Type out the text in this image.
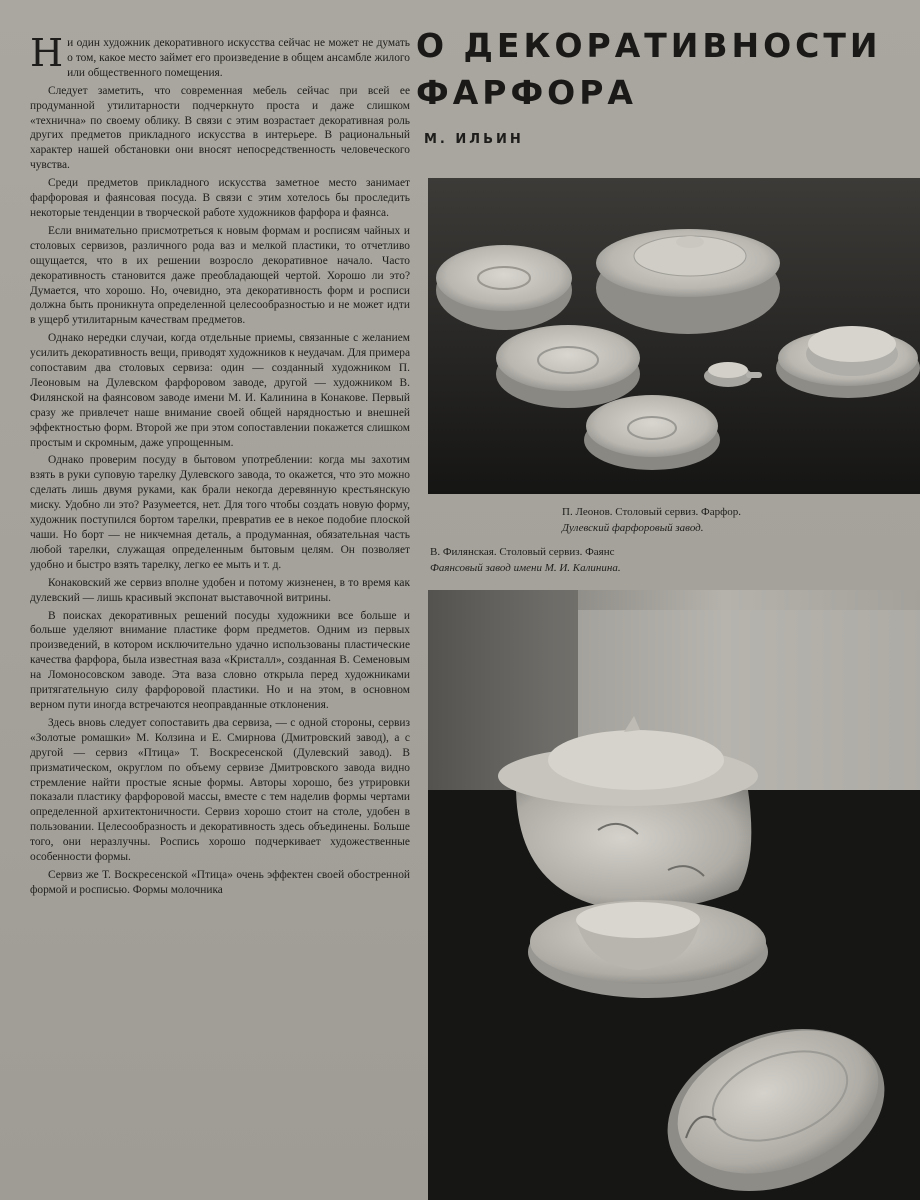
Ни один художник декоративного искусства сейчас не может не думать о том, какое место займет его произведение в общем ансамбле жилого или общественного помещения.

Следует заметить, что современная мебель сейчас при всей ее продуманной утилитарности подчеркнуто проста и даже слишком «технична» по своему облику. В связи с этим возрастает декоративная роль других предметов прикладного искусства в интерьере. В рациональный характер нашей обстановки они вносят непосредственность человеческого чувства.

Среди предметов прикладного искусства заметное место занимает фарфоровая и фаянсовая посуда. В связи с этим хотелось бы проследить некоторые тенденции в творческой работе художников фарфора и фаянса.

Если внимательно присмотреться к новым формам и росписям чайных и столовых сервизов, различного рода ваз и мелкой пластики, то отчетливо ощущается, что в их решении возросло декоративное начало. Часто декоративность становится даже преобладающей чертой. Хорошо ли это? Думается, что хорошо. Но, очевидно, эта декоративность форм и росписи должна быть проникнута определенной целесообразностью и не может идти в ущерб утилитарным качествам предметов.

Однако нередки случаи, когда отдельные приемы, связанные с желанием усилить декоративность вещи, приводят художников к неудачам. Для примера сопоставим два столовых сервиза: один — созданный художником П. Леоновым на Дулевском фарфоровом заводе, другой — художником В. Филянской на фаянсовом заводе имени М. И. Калинина в Конакове. Первый сразу же привлечет наше внимание своей общей нарядностью и внешней эффектностью форм. Второй же при этом сопоставлении покажется слишком простым и скромным, даже упрощенным.

Однако проверим посуду в бытовом употреблении: когда мы захотим взять в руки суповую тарелку Дулевского завода, то окажется, что это можно сделать лишь двумя руками, как брали некогда деревянную крестьянскую миску. Удобно ли это? Разумеется, нет. Для того чтобы создать новую форму, художник поступился бортом тарелки, превратив ее в некое подобие плоской чаши. Но борт — не никчемная деталь, а продуманная, обязательная часть любой тарелки, служащая определенным бытовым целям. Он позволяет удобно и быстро взять тарелку, легко ее мыть и т. д.

Конаковский же сервиз вполне удобен и потому жизненен, в то время как дулевский — лишь красивый экспонат выставочной витрины.

В поисках декоративных решений посуды художники все больше и больше уделяют внимание пластике форм предметов. Одним из первых произведений, в котором исключительно удачно использованы пластические качества фарфора, была известная ваза «Кристалл», созданная В. Семеновым на Ломоносовском заводе. Эта ваза словно открыла перед художниками притягательную силу фарфоровой пластики. Но и на этом, в основном верном пути иногда встречаются неоправданные отклонения.

Здесь вновь следует сопоставить два сервиза, — с одной стороны, сервиз «Золотые ромашки» М. Колзина и Е. Смирнова (Дмитровский завод), а с другой — сервиз «Птица» Т. Воскресенской (Дулевский завод). В призматическом, округлом по объему сервизе Дмитровского завода видно стремление найти простые ясные формы. Авторы хорошо, без утрировки показали пластику фарфоровой массы, вместе с тем наделив формы чертами определенной архитектоничности. Сервиз хорошо стоит на столе, удобен в пользовании. Целесообразность и декоративность здесь объединены. Больше того, они неразлучны. Роспись хорошо подчеркивает художественные особенности формы.

Сервиз же Т. Воскресенской «Птица» очень эффектен своей обостренной формой и росписью. Формы молочника

О ДЕКОРАТИВНОСТИ
ФАРФОРА
М. ИЛЬИН
П. Леонов. Столовый сервиз. Фарфор.
Дулевский фарфоровый завод.
В. Филянская. Столовый сервиз. Фаянс
Фаянсовый завод имени М. И. Калинина.
